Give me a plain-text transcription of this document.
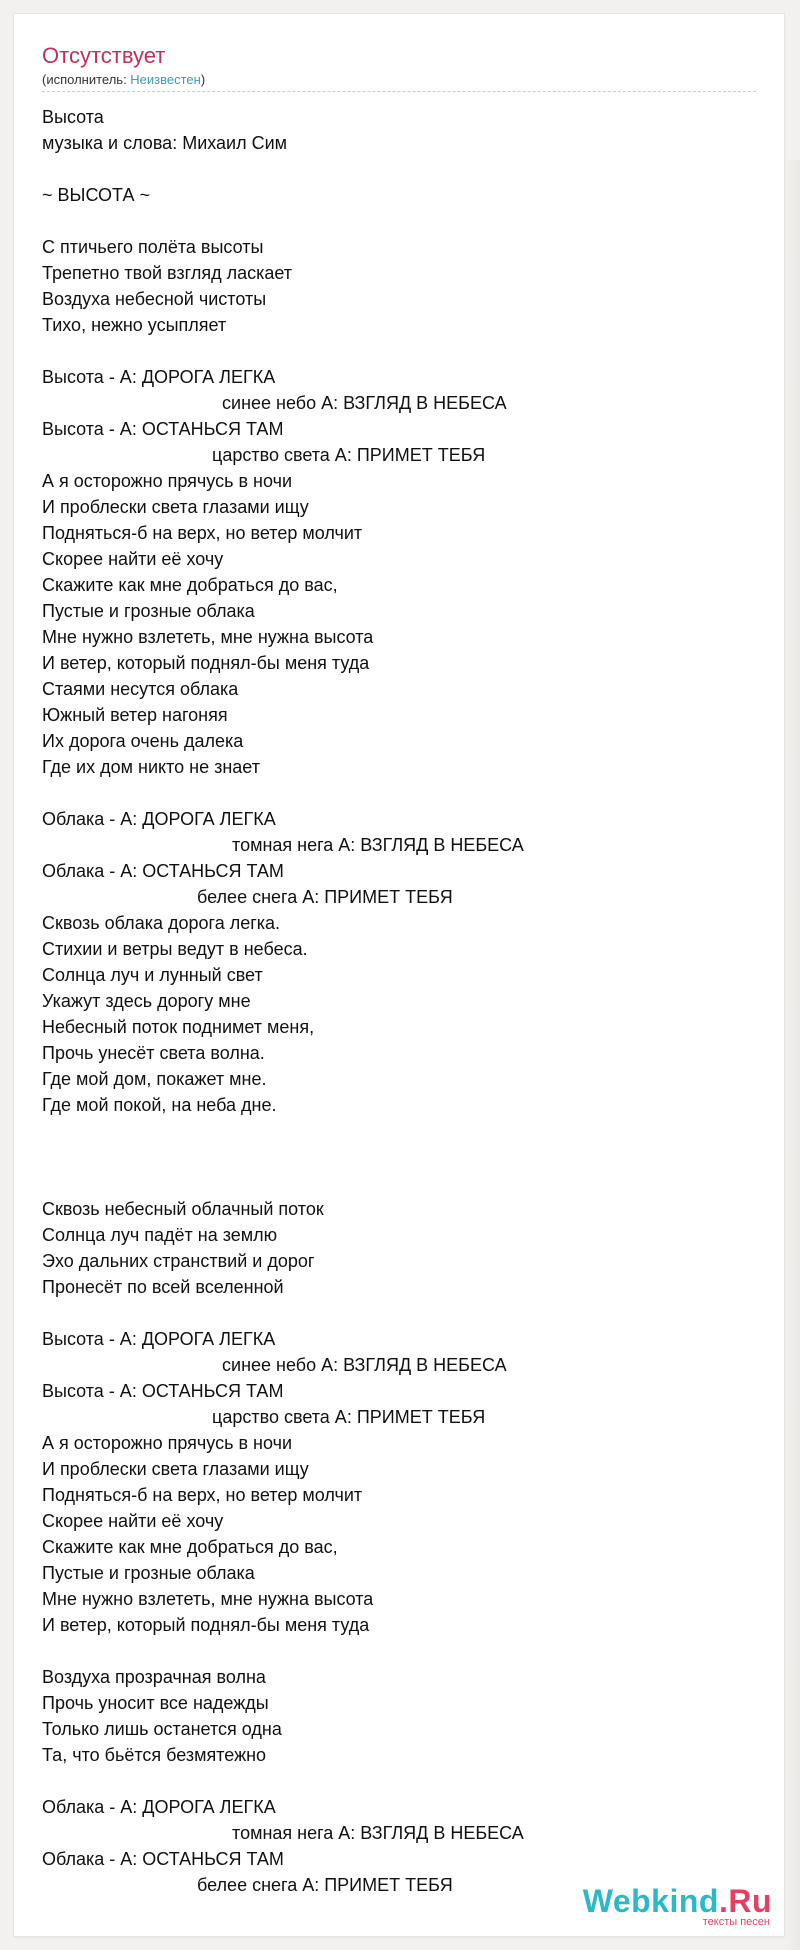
Отсутствует
(исполнитель: Неизвестен)
Высота
музыка и слова: Михаил Сим
~ ВЫСОТА ~
С птичьего полёта высоты
Трепетно твой взгляд ласкает
Воздуха небесной чистоты
Тихо, нежно усыпляет
Высота - А: ДОРОГА ЛЕГКА
синее небо А: ВЗГЛЯД В НЕБЕСА
Высота - А: ОСТАНЬСЯ ТАМ
царство света А: ПРИМЕТ ТЕБЯ
А я осторожно прячусь в ночи
И проблески света глазами ищу
Подняться-б на верх, но ветер молчит
Скорее найти её хочу
Скажите как мне добраться до вас,
Пустые и грозные облака
Мне нужно взлететь, мне нужна высота
И ветер, который поднял-бы меня туда
Стаями несутся облака
Южный ветер нагоняя
Их дорога очень далека
Где их дом никто не знает
Облака - А: ДОРОГА ЛЕГКА
томная нега А: ВЗГЛЯД В НЕБЕСА
Облака - А: ОСТАНЬСЯ ТАМ
белее снега А: ПРИМЕТ ТЕБЯ
Сквозь облака дорога легка.
Стихии и ветры ведут в небеса.
Солнца луч и лунный свет
Укажут здесь дорогу мне
Небесный поток поднимет меня,
Прочь унесёт света волна.
Где мой дом, покажет мне.
Где мой покой, на неба дне.
Сквозь небесный облачный поток
Солнца луч падёт на землю
Эхо дальних странствий и дорог
Пронесёт по всей вселенной
Высота - А: ДОРОГА ЛЕГКА
синее небо А: ВЗГЛЯД В НЕБЕСА
Высота - А: ОСТАНЬСЯ ТАМ
царство света А: ПРИМЕТ ТЕБЯ
А я осторожно прячусь в ночи
И проблески света глазами ищу
Подняться-б на верх, но ветер молчит
Скорее найти её хочу
Скажите как мне добраться до вас,
Пустые и грозные облака
Мне нужно взлететь, мне нужна высота
И ветер, который поднял-бы меня туда
Воздуха прозрачная волна
Прочь уносит все надежды
Только лишь останется одна
Та, что бьётся безмятежно
Облака - А: ДОРОГА ЛЕГКА
томная нега А: ВЗГЛЯД В НЕБЕСА
Облака - А: ОСТАНЬСЯ ТАМ
белее снега А: ПРИМЕТ ТЕБЯ	Webkind.Ru
тексты песен
